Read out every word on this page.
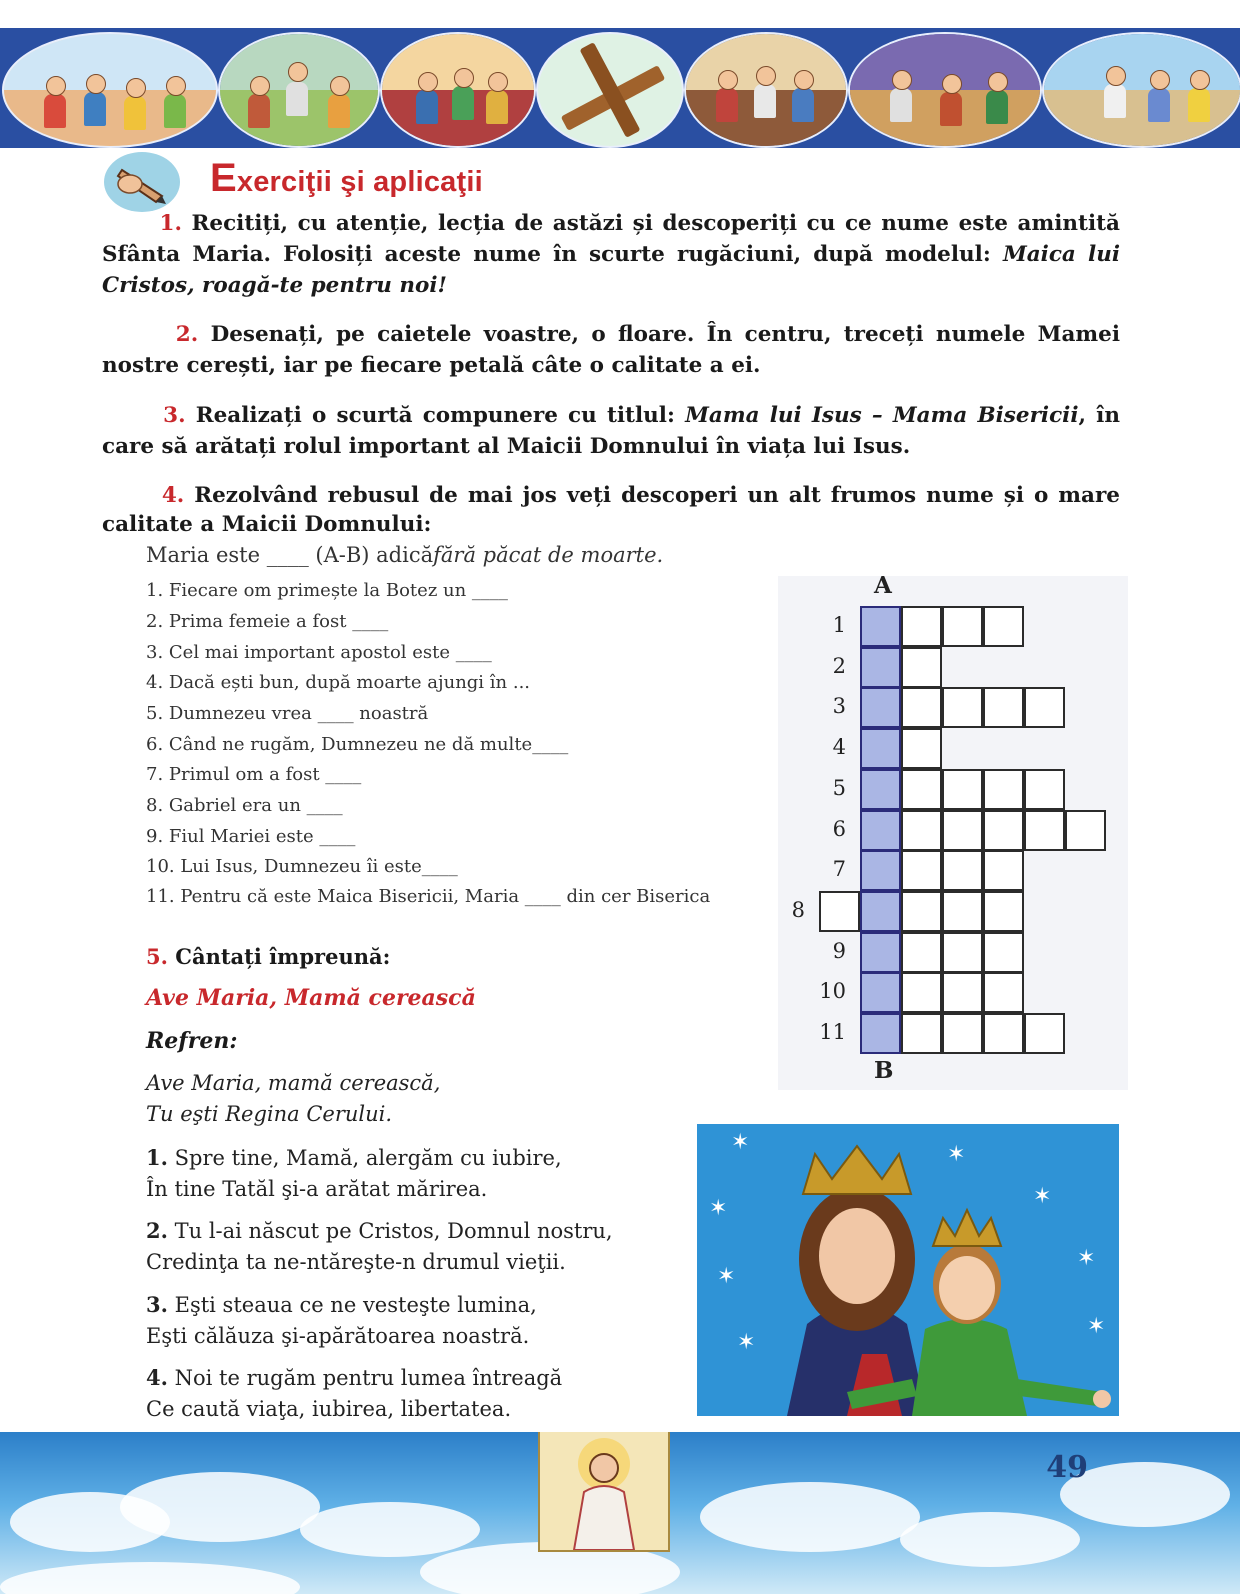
Exerciţii şi aplicaţii
1. Recitiți, cu atenție, lecția de astăzi și descoperiți cu ce nume este amintită
Sfânta Maria. Folosiți aceste nume în scurte rugăciuni, după modelul: Maica lui
Cristos, roagă-te pentru noi!
2. Desenați, pe caietele voastre, o floare. În centru, treceți numele Mamei
nostre cerești, iar pe fiecare petală câte o calitate a ei.
3. Realizați o scurtă compunere cu titlul: Mama lui Isus – Mama Bisericii, în
care să arătați rolul important al Maicii Domnului în viața lui Isus.
4. Rezolvând rebusul de mai jos veți descoperi un alt frumos nume și o mare
calitate a Maicii Domnului:
Maria este ____ (A-B) adicăfără păcat de moarte.
1. Fiecare om primește la Botez un ____
2. Prima femeie a fost ____
3. Cel mai important apostol este ____
4. Dacă ești bun, după moarte ajungi în ...
5. Dumnezeu vrea ____ noastră
6. Când ne rugăm, Dumnezeu ne dă multe____
7. Primul om a fost ____
8. Gabriel era un ____
9. Fiul Mariei este ____
10. Lui Isus, Dumnezeu îi este____
11. Pentru că este Maica Bisericii, Maria ____ din cer Biserica
A
1
2
3
4
5
6
7
8
9
10
11
B
5. Cântați împreună:
Ave Maria, Mamă cerească
Refren:
Ave Maria, mamă cerească,
Tu eşti Regina Cerului.
1. Spre tine, Mamă, alergăm cu iubire,
În tine Tatăl şi-a arătat mărirea.
2. Tu l-ai născut pe Cristos, Domnul nostru,
Credinţa ta ne-ntăreşte-n drumul vieţii.
3. Eşti steaua ce ne vesteşte lumina,
Eşti călăuza şi-apărătoarea noastră.
4. Noi te rugăm pentru lumea întreagă
Ce caută viaţa, iubirea, libertatea.
✶
✶
✶
✶
✶
✶
✶
✶
49
